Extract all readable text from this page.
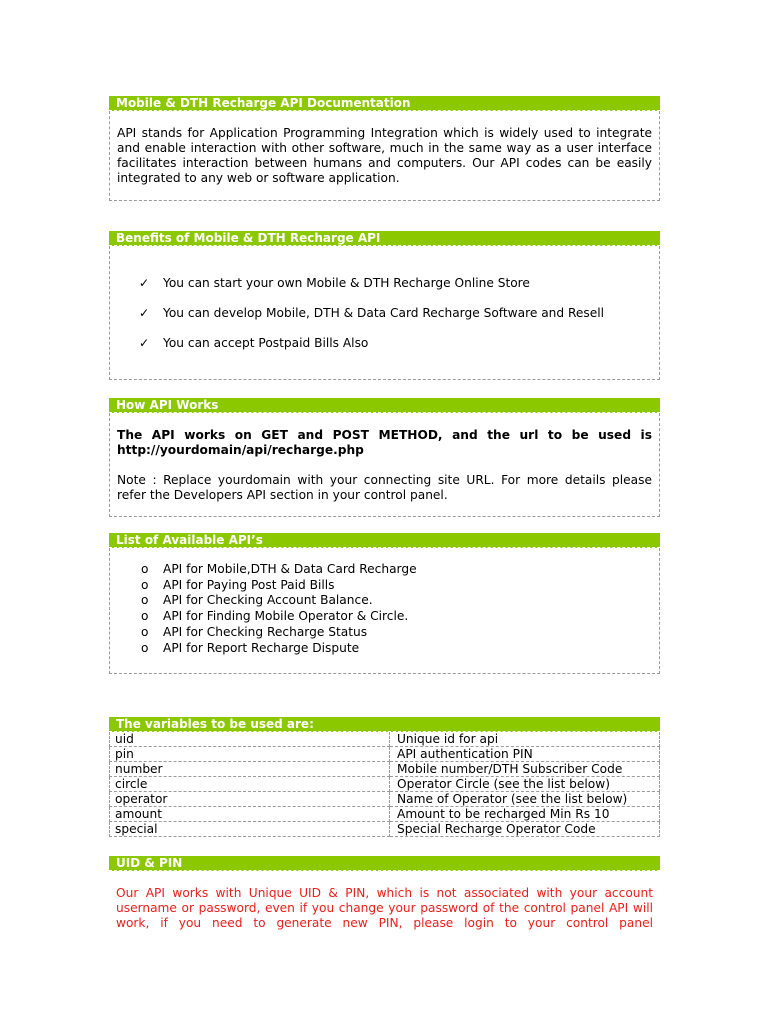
Mobile & DTH Recharge API Documentation

API stands for Application Programming Integration which is widely used to integrate and enable interaction with other software, much in the same way as a user interface facilitates interaction between humans and computers. Our API codes can be easily integrated to any web or software application.

Benefits of Mobile & DTH Recharge API
✓ You can start your own Mobile & DTH Recharge Online Store
✓ You can develop Mobile, DTH & Data Card Recharge Software and Resell
✓ You can accept Postpaid Bills Also
How API Works

The API works on GET and POST METHOD, and the url to be used is http://yourdomain/api/recharge.php

Note : Replace yourdomain with your connecting site URL. For more details please refer the Developers API section in your control panel.

List of Available API’s
o API for Mobile,DTH & Data Card Recharge
o API for Paying Post Paid Bills
o API for Checking Account Balance.
o API for Finding Mobile Operator & Circle.
o API for Checking Recharge Status
o API for Report Recharge Dispute
The variables to be used are:
uid	Unique id for api
pin	API authentication PIN
number	Mobile number/DTH Subscriber Code
circle	Operator Circle (see the list below)
operator	Name of Operator (see the list below)
amount	Amount to be recharged Min Rs 10
special	Special Recharge Operator Code
UID & PIN

Our API works with Unique UID & PIN, which is not associated with your account username or password, even if you change your password of the control panel API will work, if you need to generate new PIN, please login to your control panel
